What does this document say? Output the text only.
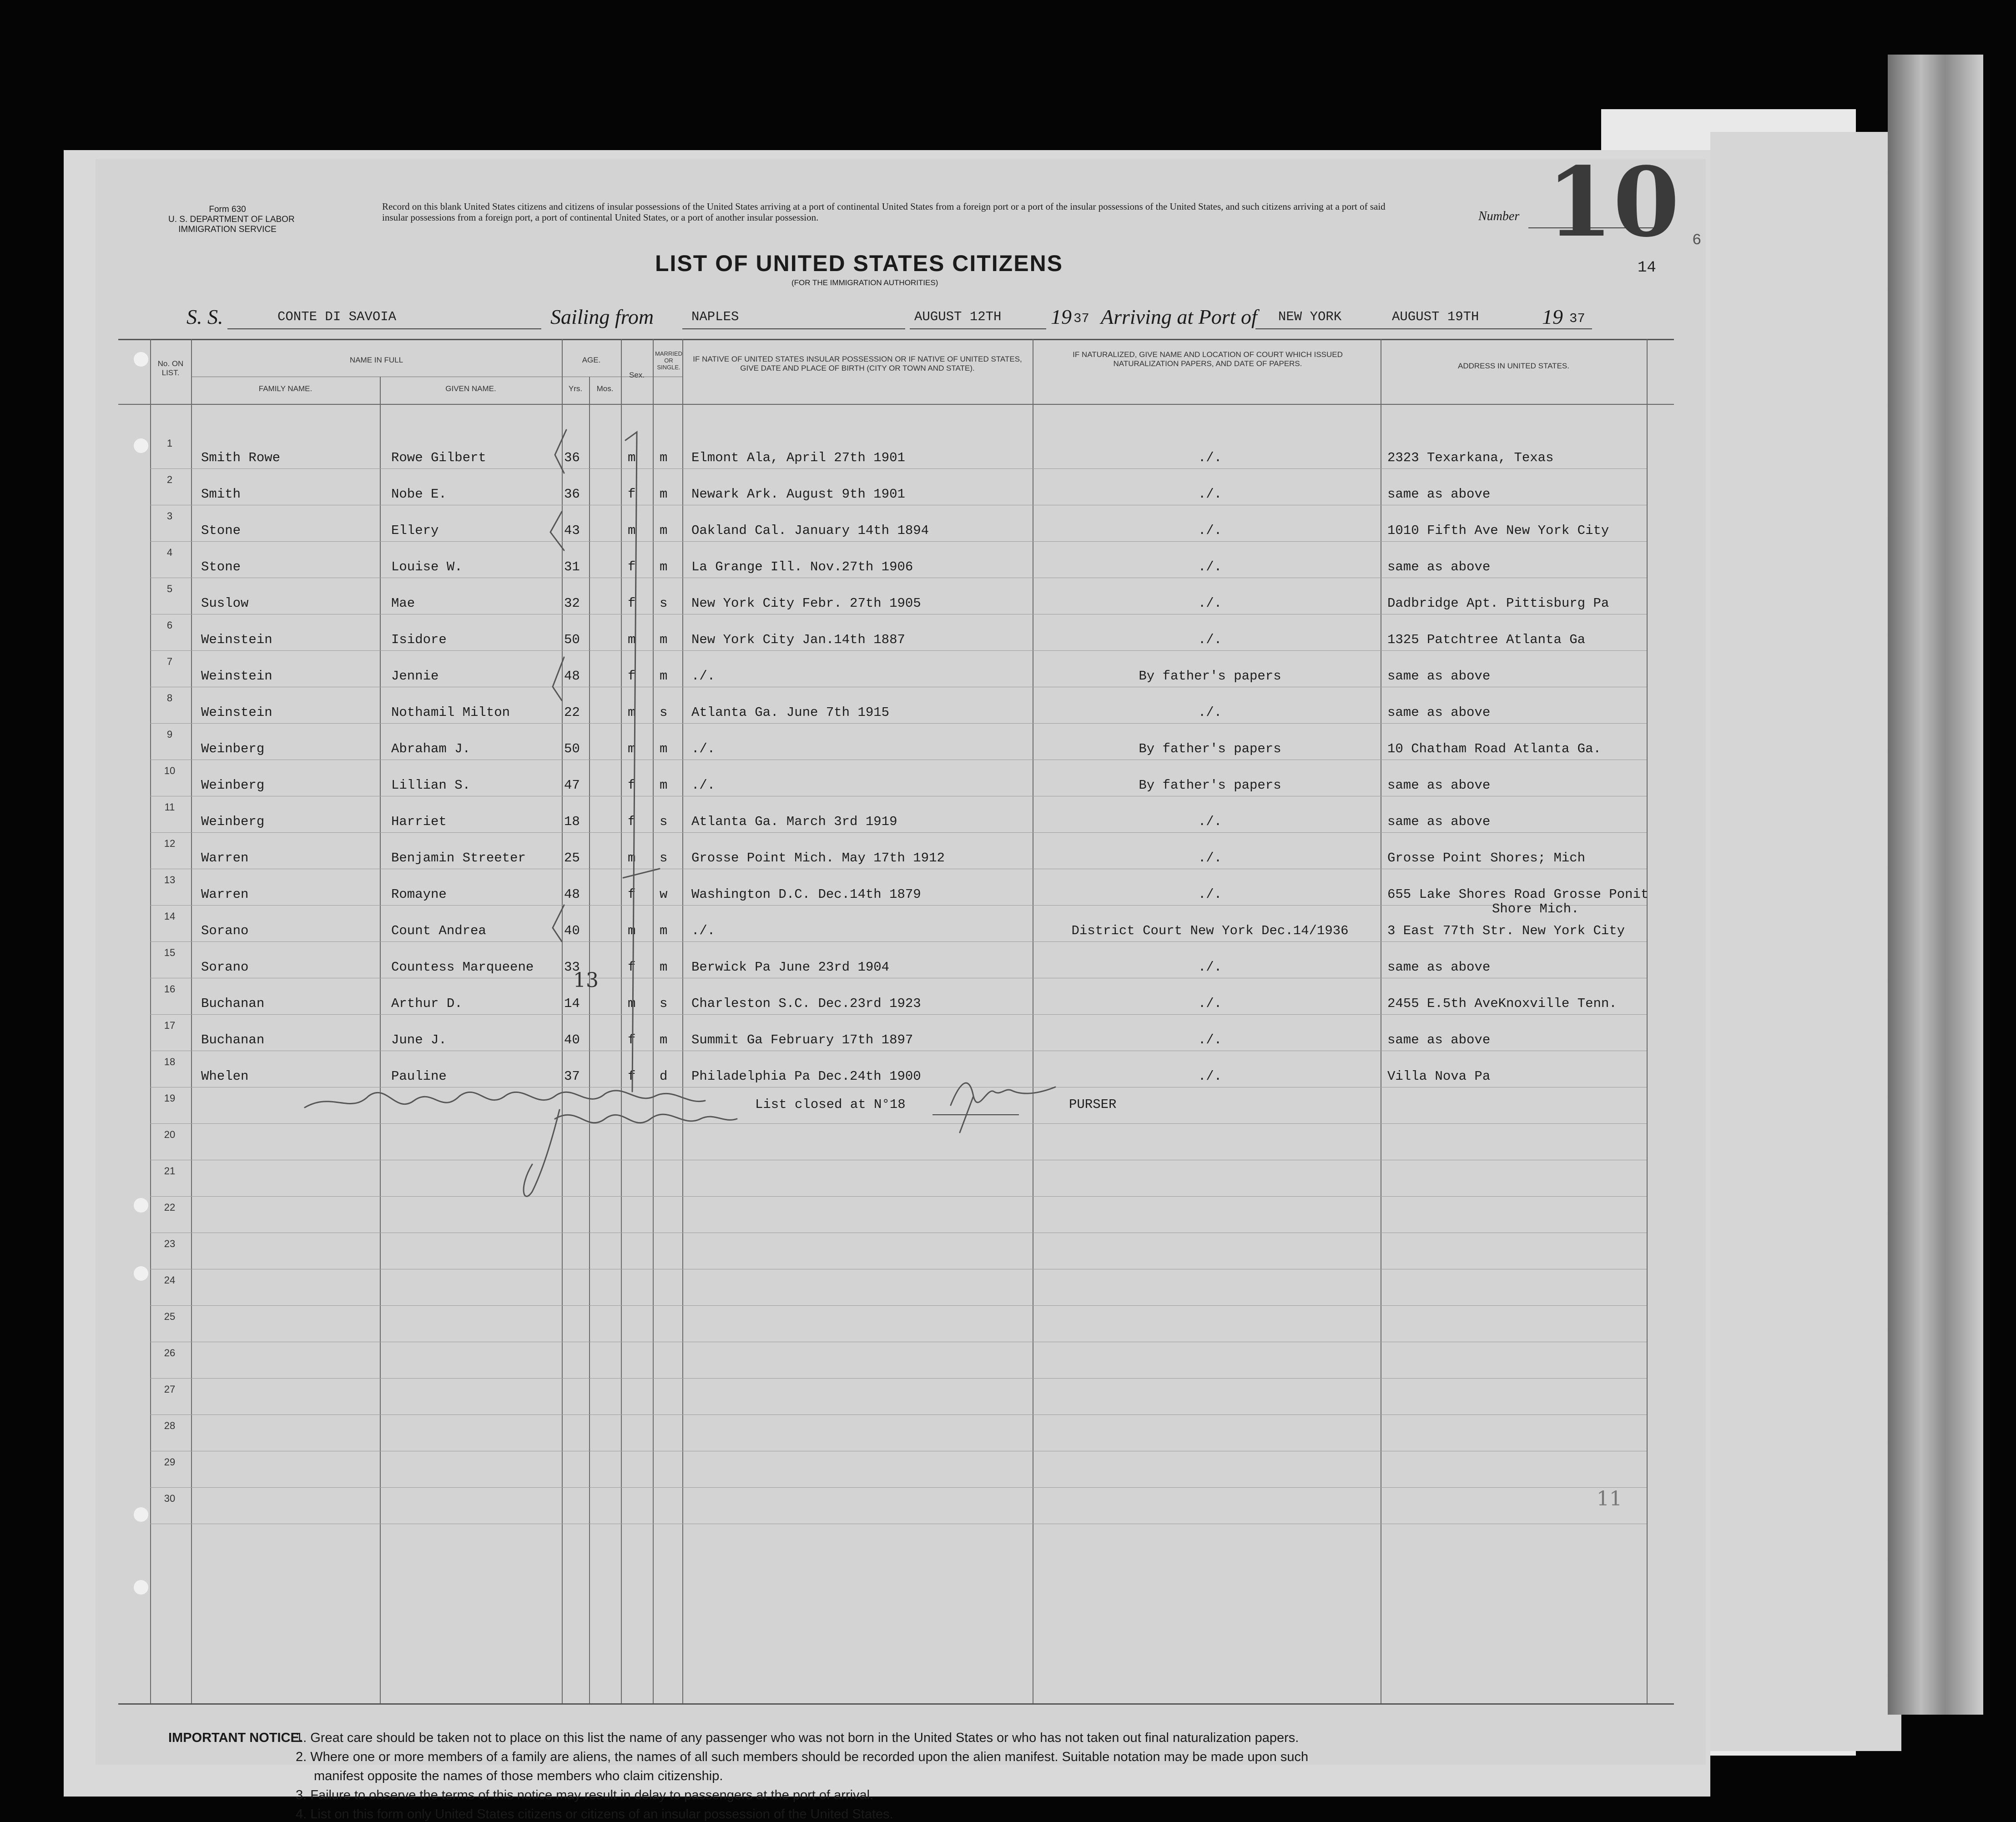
Form 630
U. S. DEPARTMENT OF LABOR
IMMIGRATION SERVICE
Record on this blank United States citizens and citizens of insular possessions of the United States arriving at a port of continental United States from a foreign port or a port of the insular possessions of the United States, and such citizens arriving at a port of said insular possessions from a foreign port, a port of continental United States, or a port of another insular possession.	Number 10
LIST OF UNITED STATES CITIZENS
(FOR THE IMMIGRATION AUTHORITIES)
14
6
S. S.	CONTE DI SAVOIA	Sailing from	NAPLES	AUGUST 12TH 19 37 Arriving at Port of NEW YORK	AUGUST 19TH	19 37
No. ON LIST.
NAME IN FULL
FAMILY NAME.	GIVEN NAME.
AGE.
Yrs.	Mos.
Sex.
MARRIED OR SINGLE.
IF NATIVE OF UNITED STATES INSULAR POSSESSION OR IF NATIVE OF UNITED STATES, GIVE DATE AND PLACE OF BIRTH (CITY OR TOWN AND STATE).
IF NATURALIZED, GIVE NAME AND LOCATION OF COURT WHICH ISSUED NATURALIZATION PAPERS, AND DATE OF PAPERS.	ADDRESS IN UNITED STATES.
1
Smith Rowe	Rowe Gilbert	36	m m Elmont Ala, April 27th 1901	./.	2323 Texarkana, Texas
2
Smith	Nobe E.	36	f m Newark Ark. August 9th 1901	./.	same as above
3
Stone	Ellery	43	m m Oakland Cal. January 14th 1894	./.	1010 Fifth Ave New York City
4
Stone	Louise W.	31	f m La Grange Ill. Nov.27th 1906	./.	same as above
5
Suslow	Mae	32	f s New York City Febr. 27th 1905	./.	Dadbridge Apt. Pittisburg Pa
6
Weinstein	Isidore	50	m m New York City Jan.14th 1887	./.	1325 Patchtree Atlanta Ga
7
Weinstein	Jennie	48	f m ./.	By father's papers	same as above
8
Weinstein	Nothamil Milton	22	m s Atlanta Ga. June 7th 1915	./.	same as above
9
Weinberg	Abraham J.	50	m m ./.	By father's papers	10 Chatham Road Atlanta Ga.
10
Weinberg	Lillian S.	47	f m ./.	By father's papers	same as above
11
Weinberg	Harriet	18	f s Atlanta Ga. March 3rd 1919	./.	same as above
12
Warren	Benjamin Streeter	25	m s Grosse Point Mich. May 17th 1912	./.	Grosse Point Shores; Mich
13
Warren	Romayne	48	f w Washington D.C. Dec.14th 1879	./.	655 Lake Shores Road Grosse Ponit
Shore Mich.
14
Sorano	Count Andrea	40	m m ./.	District Court New York Dec.14/1936	3 East 77th Str. New York City
15
Sorano	Countess Marqueene 33	f m Berwick Pa June 23rd 1904	./.	same as above
16
Buchanan	Arthur D.	14	m s Charleston S.C. Dec.23rd 1923	./.	2455 E.5th AveKnoxville Tenn.
17
Buchanan	June J.	40	f m Summit Ga February 17th 1897	./.	same as above
18
Whelen	Pauline	37	f d Philadelphia Pa Dec.24th 1900	./.	Villa Nova Pa
19
20
21
22
23
24
25
26
27
28
29
30
List closed at N°18	PURSER
13
11
IMPORTANT NOTICE.
1. Great care should be taken not to place on this list the name of any passenger who was not born in the United States or who has not taken out final naturalization papers.
2. Where one or more members of a family are aliens, the names of all such members should be recorded upon the alien manifest. Suitable notation may be made upon such
manifest opposite the names of those members who claim citizenship.
3. Failure to observe the terms of this notice may result in delay to passengers at the port of arrival.
4. List on this form only United States citizens or citizens of an insular possession of the United States.
